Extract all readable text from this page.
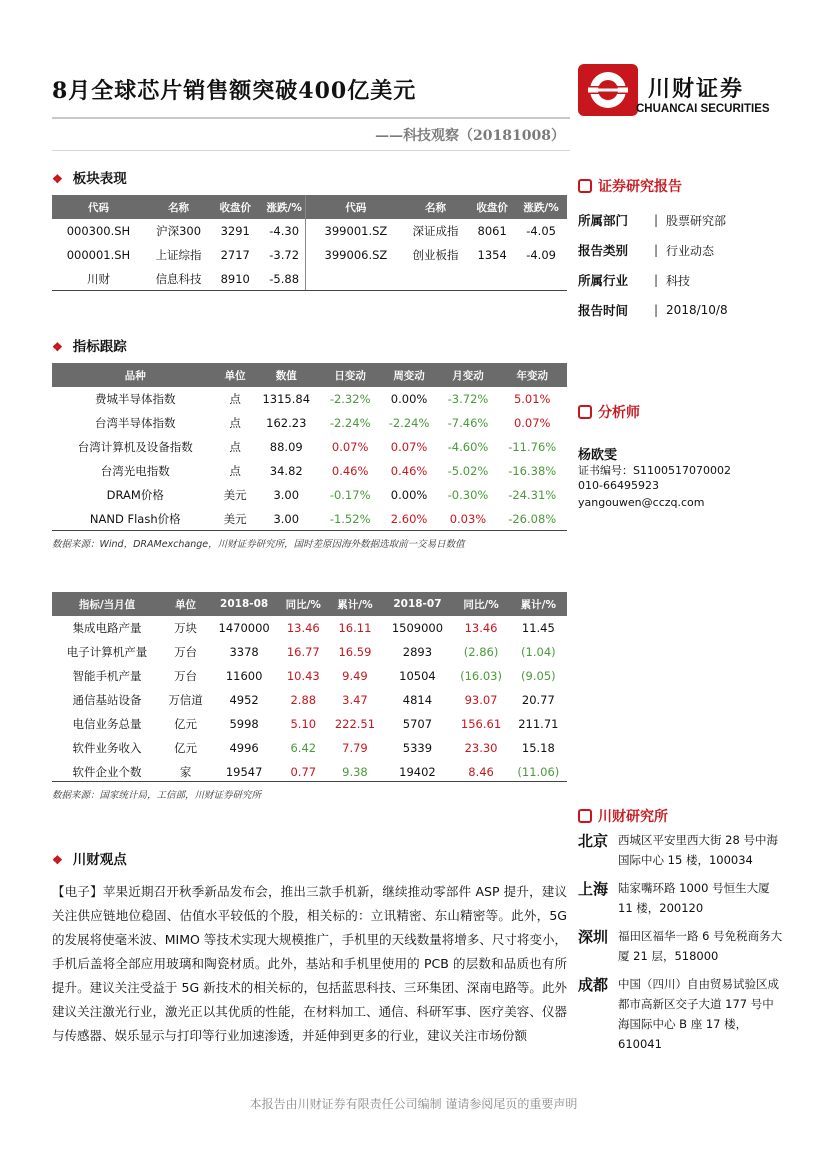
8月全球芯片销售额突破400亿美元
——科技观察（20181008）
川财证券
CHUANCAI SECURITIES
❖ 板块表现
代码	名称	收盘价	涨跌/%	代码	名称	收盘价	涨跌/%
000300.SH	沪深300	3291	-4.30	399001.SZ	深证成指	8061	-4.05
000001.SH	上证综指	2717	-3.72	399006.SZ	创业板指	1354	-4.09
川财	信息科技	8910	-5.88				
❖ 指标跟踪
品种	单位	数值	日变动	周变动	月变动	年变动
费城半导体指数	点	1315.84	-2.32%	0.00%	-3.72%	5.01%
台湾半导体指数	点	162.23	-2.24%	-2.24%	-7.46%	0.07%
台湾计算机及设备指数	点	88.09	0.07%	0.07%	-4.60%	-11.76%
台湾光电指数	点	34.82	0.46%	0.46%	-5.02%	-16.38%
DRAM价格	美元	3.00	-0.17%	0.00%	-0.30%	-24.31%
NAND Flash价格	美元	3.00	-1.52%	2.60%	0.03%	-26.08%
数据来源：Wind，DRAMexchange，川财证券研究所，国时差原因海外数据选取前一交易日数值
指标/当月值	单位	2018-08	同比/%	累计/%	2018-07	同比/%	累计/%
集成电路产量	万块	1470000	13.46	16.11	1509000	13.46	11.45
电子计算机产量	万台	3378	16.77	16.59	2893	(2.86)	(1.04)
智能手机产量	万台	11600	10.43	9.49	10504	(16.03)	(9.05)
通信基站设备	万信道	4952	2.88	3.47	4814	93.07	20.77
电信业务总量	亿元	5998	5.10	222.51	5707	156.61	211.71
软件业务收入	亿元	4996	6.42	7.79	5339	23.30	15.18
软件企业个数	家	19547	0.77	9.38	19402	8.46	(11.06)
数据来源：国家统计局，工信部，川财证券研究所
❖ 川财观点
【电子】苹果近期召开秋季新品发布会，推出三款手机新，继续推动零部件 ASP 提升，建议关注供应链地位稳固、估值水平较低的个股，相关标的：立讯精密、东山精密等。此外，5G 的发展将使毫米波、MIMO 等技术实现大规模推广，手机里的天线数量将增多、尺寸将变小，手机后盖将全部应用玻璃和陶瓷材质。此外，基站和手机里使用的 PCB 的层数和品质也有所提升。建议关注受益于 5G 新技术的相关标的，包括蓝思科技、三环集团、深南电路等。此外建议关注激光行业，激光正以其优质的性能，在材料加工、通信、科研军事、医疗美容、仪器与传感器、娱乐显示与打印等行业加速渗透，并延伸到更多的行业，建议关注市场份额
证券研究报告
所属部门	| 股票研究部
报告类别	| 行业动态
所属行业	| 科技
报告时间	| 2018/10/8
分析师
杨欧雯
证书编号：S1100517070002
010-66495923
yangouwen@cczq.com
川财研究所
北京 西城区平安里西大街 28 号中海国际中心 15 楼，100034
上海 陆家嘴环路 1000 号恒生大厦 11 楼，200120
深圳 福田区福华一路 6 号免税商务大厦 21 层，518000
成都 中国（四川）自由贸易试验区成都市高新区交子大道 177 号中海国际中心 B 座 17 楼，610041
本报告由川财证券有限责任公司编制 谨请参阅尾页的重要声明
